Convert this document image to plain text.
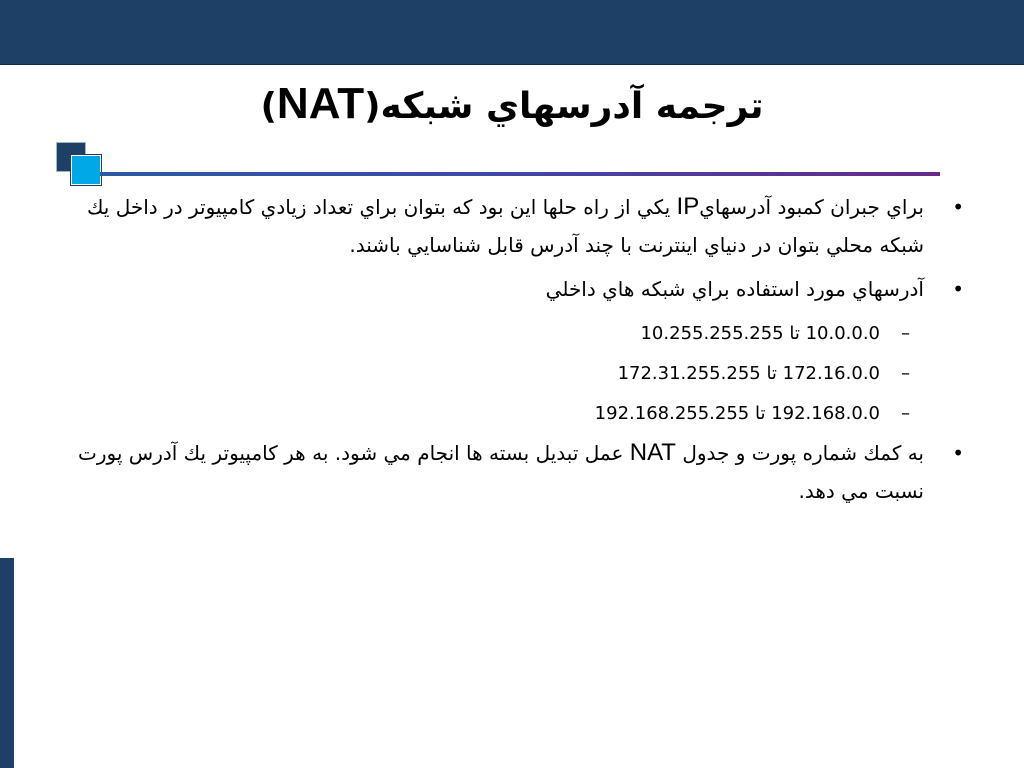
ترجمه آدرسهاي شبكه(NAT)
•
براي جبران كمبود آدرسهايIP يكي از راه حلها اين بود كه بتوان براي تعداد زيادي كامپيوتر در داخل يك شبكه محلي بتوان در دنياي اينترنت با چند آدرس قابل شناسايي باشند.
•
آدرسهاي مورد استفاده براي شبكه هاي داخلي
–
10.0.0.0 تا 10.255.255.255
–
172.16.0.0 تا 172.31.255.255
–
192.168.0.0 تا 192.168.255.255
•
به كمك شماره پورت و جدول NAT عمل تبديل بسته ها انجام مي شود. به هر كامپيوتر يك آدرس پورت نسبت مي دهد.
